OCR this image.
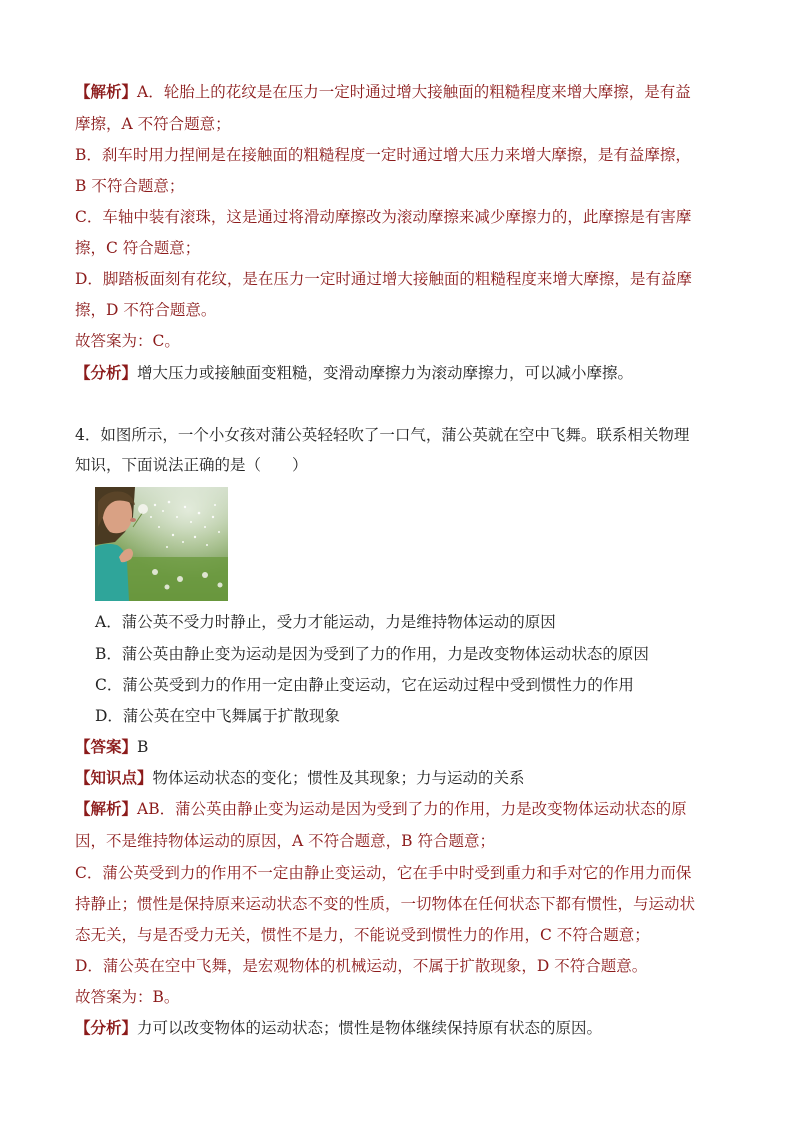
【解析】A．轮胎上的花纹是在压力一定时通过增大接触面的粗糙程度来增大摩擦，是有益
摩擦，A 不符合题意；
B．刹车时用力捏闸是在接触面的粗糙程度一定时通过增大压力来增大摩擦，是有益摩擦，
B 不符合题意；
C．车轴中装有滚珠，这是通过将滑动摩擦改为滚动摩擦来减少摩擦力的，此摩擦是有害摩
擦，C 符合题意；
D．脚踏板面刻有花纹，是在压力一定时通过增大接触面的粗糙程度来增大摩擦，是有益摩
擦，D 不符合题意。
故答案为：C。
【分析】增大压力或接触面变粗糙，变滑动摩擦力为滚动摩擦力，可以减小摩擦。
4．如图所示，一个小女孩对蒲公英轻轻吹了一口气，蒲公英就在空中飞舞。联系相关物理
知识，下面说法正确的是（　　）
A．蒲公英不受力时静止，受力才能运动，力是维持物体运动的原因
B．蒲公英由静止变为运动是因为受到了力的作用，力是改变物体运动状态的原因
C．蒲公英受到力的作用一定由静止变运动，它在运动过程中受到惯性力的作用
D．蒲公英在空中飞舞属于扩散现象
【答案】B
【知识点】物体运动状态的变化；惯性及其现象；力与运动的关系
【解析】AB．蒲公英由静止变为运动是因为受到了力的作用，力是改变物体运动状态的原
因，不是维持物体运动的原因，A 不符合题意，B 符合题意；
C．蒲公英受到力的作用不一定由静止变运动，它在手中时受到重力和手对它的作用力而保
持静止；惯性是保持原来运动状态不变的性质，一切物体在任何状态下都有惯性，与运动状
态无关，与是否受力无关，惯性不是力，不能说受到惯性力的作用，C 不符合题意；
D．蒲公英在空中飞舞，是宏观物体的机械运动，不属于扩散现象，D 不符合题意。
故答案为：B。
【分析】力可以改变物体的运动状态；惯性是物体继续保持原有状态的原因。
